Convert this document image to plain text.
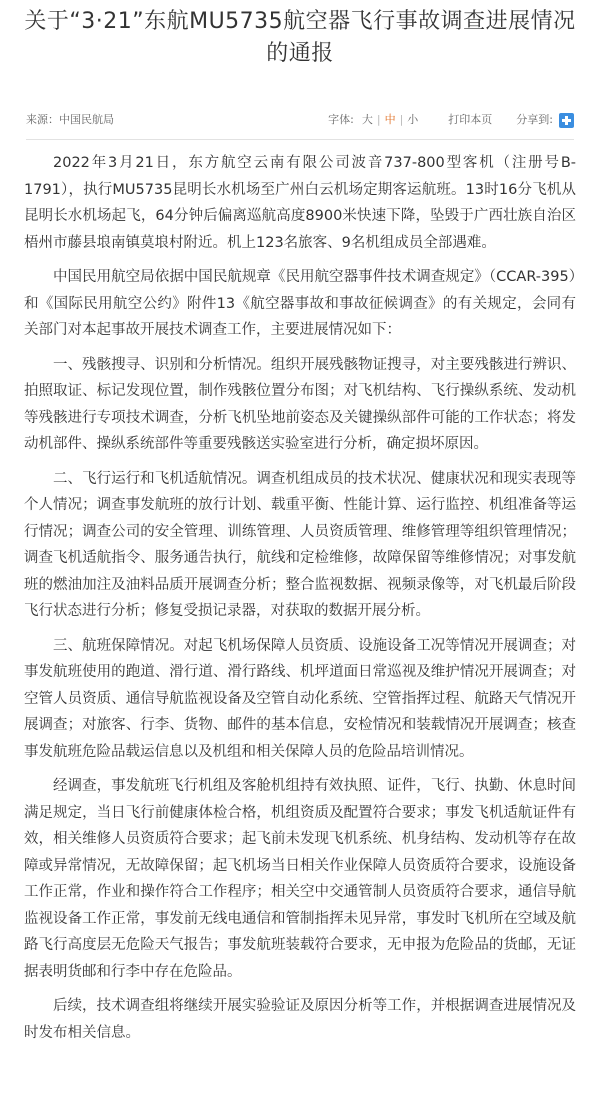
关于“3·21”东航MU5735航空器飞行事故调查进展情况
的通报
来源：中国民航局	字体: 大 | 中 | 小	打印本页 分享到:

2022年3月21日，东方航空云南有限公司波音737-800型客机（注册号B-1791），执行MU5735昆明长水机场至广州白云机场定期客运航班。13时16分飞机从昆明长水机场起飞，64分钟后偏离巡航高度8900米快速下降，坠毁于广西壮族自治区梧州市藤县埌南镇莫埌村附近。机上123名旅客、9名机组成员全部遇难。

中国民用航空局依据中国民航规章《民用航空器事件技术调查规定》（CCAR-395）和《国际民用航空公约》附件13《航空器事故和事故征候调查》的有关规定，会同有关部门对本起事故开展技术调查工作，主要进展情况如下：

一、残骸搜寻、识别和分析情况。组织开展残骸物证搜寻，对主要残骸进行辨识、拍照取证、标记发现位置，制作残骸位置分布图；对飞机结构、飞行操纵系统、发动机等残骸进行专项技术调查，分析飞机坠地前姿态及关键操纵部件可能的工作状态；将发动机部件、操纵系统部件等重要残骸送实验室进行分析，确定损坏原因。

二、飞行运行和飞机适航情况。调查机组成员的技术状况、健康状况和现实表现等个人情况；调查事发航班的放行计划、载重平衡、性能计算、运行监控、机组准备等运行情况；调查公司的安全管理、训练管理、人员资质管理、维修管理等组织管理情况；调查飞机适航指令、服务通告执行，航线和定检维修，故障保留等维修情况；对事发航班的燃油加注及油料品质开展调查分析；整合监视数据、视频录像等，对飞机最后阶段飞行状态进行分析；修复受损记录器，对获取的数据开展分析。

三、航班保障情况。对起飞机场保障人员资质、设施设备工况等情况开展调查；对事发航班使用的跑道、滑行道、滑行路线、机坪道面日常巡视及维护情况开展调查；对空管人员资质、通信导航监视设备及空管自动化系统、空管指挥过程、航路天气情况开展调查；对旅客、行李、货物、邮件的基本信息，安检情况和装载情况开展调查；核查事发航班危险品载运信息以及机组和相关保障人员的危险品培训情况。

经调查，事发航班飞行机组及客舱机组持有效执照、证件，飞行、执勤、休息时间满足规定，当日飞行前健康体检合格，机组资质及配置符合要求；事发飞机适航证件有效，相关维修人员资质符合要求；起飞前未发现飞机系统、机身结构、发动机等存在故障或异常情况，无故障保留；起飞机场当日相关作业保障人员资质符合要求，设施设备工作正常，作业和操作符合工作程序；相关空中交通管制人员资质符合要求，通信导航监视设备工作正常，事发前无线电通信和管制指挥未见异常，事发时飞机所在空域及航路飞行高度层无危险天气报告；事发航班装载符合要求，无申报为危险品的货邮，无证据表明货邮和行李中存在危险品。

后续，技术调查组将继续开展实验验证及原因分析等工作，并根据调查进展情况及时发布相关信息。
